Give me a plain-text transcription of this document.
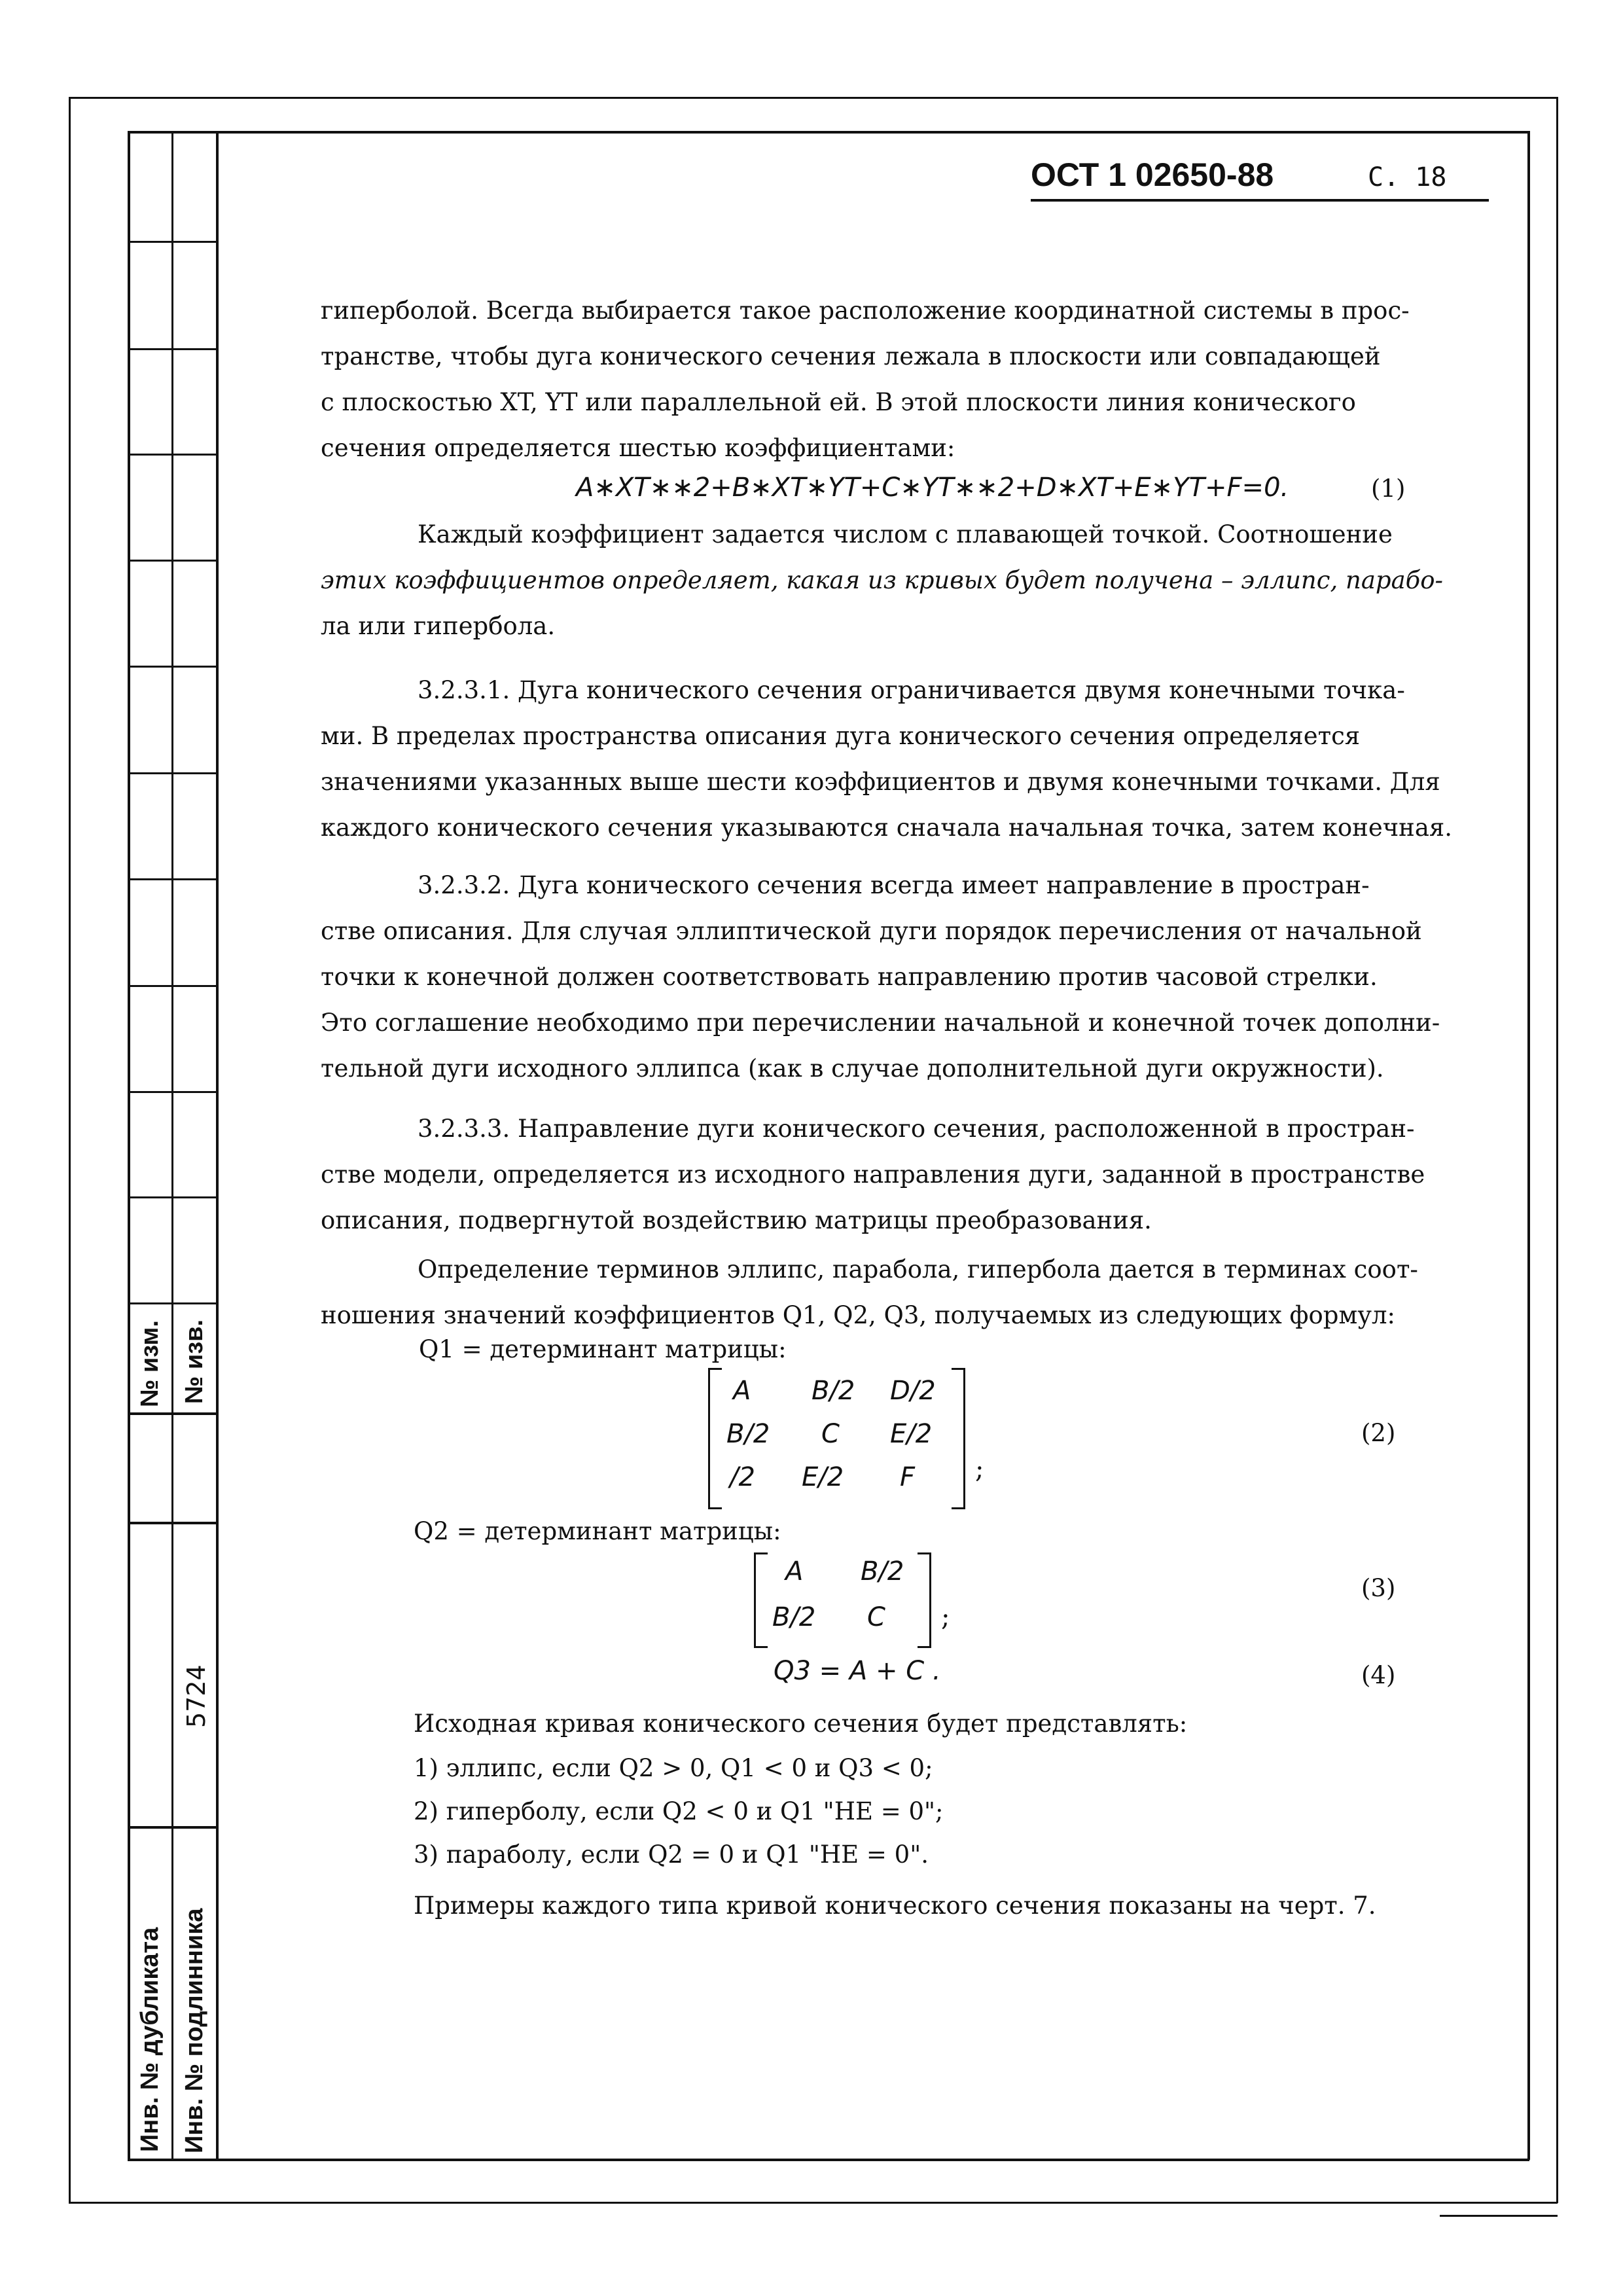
№ изм. № изв.
5724
Инв. № дубликата Инв. № подлинника
ОСТ 1 02650-88	С. 18
гиперболой. Всегда выбирается такое расположение координатной системы в прос-
транстве, чтобы дуга конического сечения лежала в плоскости или совпадающей
с плоскостью XT, YT или параллельной ей. В этой плоскости линия конического
сечения определяется шестью коэффициентами:
A∗XT∗∗2+B∗XT∗YT+C∗YT∗∗2+D∗XT+E∗YT+F=0.	(1)
Каждый коэффициент задается числом с плавающей точкой. Соотношение
этих коэффициентов определяет, какая из кривых будет получена – эллипс, парабо-
ла или гипербола.
3.2.3.1. Дуга конического сечения ограничивается двумя конечными точка-
ми. В пределах пространства описания дуга конического сечения определяется
значениями указанных выше шести коэффициентов и двумя конечными точками. Для
каждого конического сечения указываются сначала начальная точка, затем конечная.
3.2.3.2. Дуга конического сечения всегда имеет направление в простран-
стве описания. Для случая эллиптической дуги порядок перечисления от начальной
точки к конечной должен соответствовать направлению против часовой стрелки.
Это соглашение необходимо при перечислении начальной и конечной точек дополни-
тельной дуги исходного эллипса (как в случае дополнительной дуги окружности).
3.2.3.3. Направление дуги конического сечения, расположенной в простран-
стве модели, определяется из исходного направления дуги, заданной в пространстве
описания, подвергнутой воздействию матрицы преобразования.
Определение терминов эллипс, парабола, гипербола дается в терминах соот-
ношения значений коэффициентов Q1, Q2, Q3, получаемых из следующих формул:
Q1 = детерминант матрицы:
A B/2 D/2
B/2 C E/2
/2 E/2 F ;
(2)
Q2 = детерминант матрицы:
A B/2
B/2 C ;
(3)
Q3 = A + C .	(4)
Исходная кривая конического сечения будет представлять:
1) эллипс, если Q2 > 0, Q1 < 0 и Q3 < 0;
2) гиперболу, если Q2 < 0 и Q1 "HE = 0";
3) параболу, если Q2 = 0 и Q1 "HE = 0".
Примеры каждого типа кривой конического сечения показаны на черт. 7.
